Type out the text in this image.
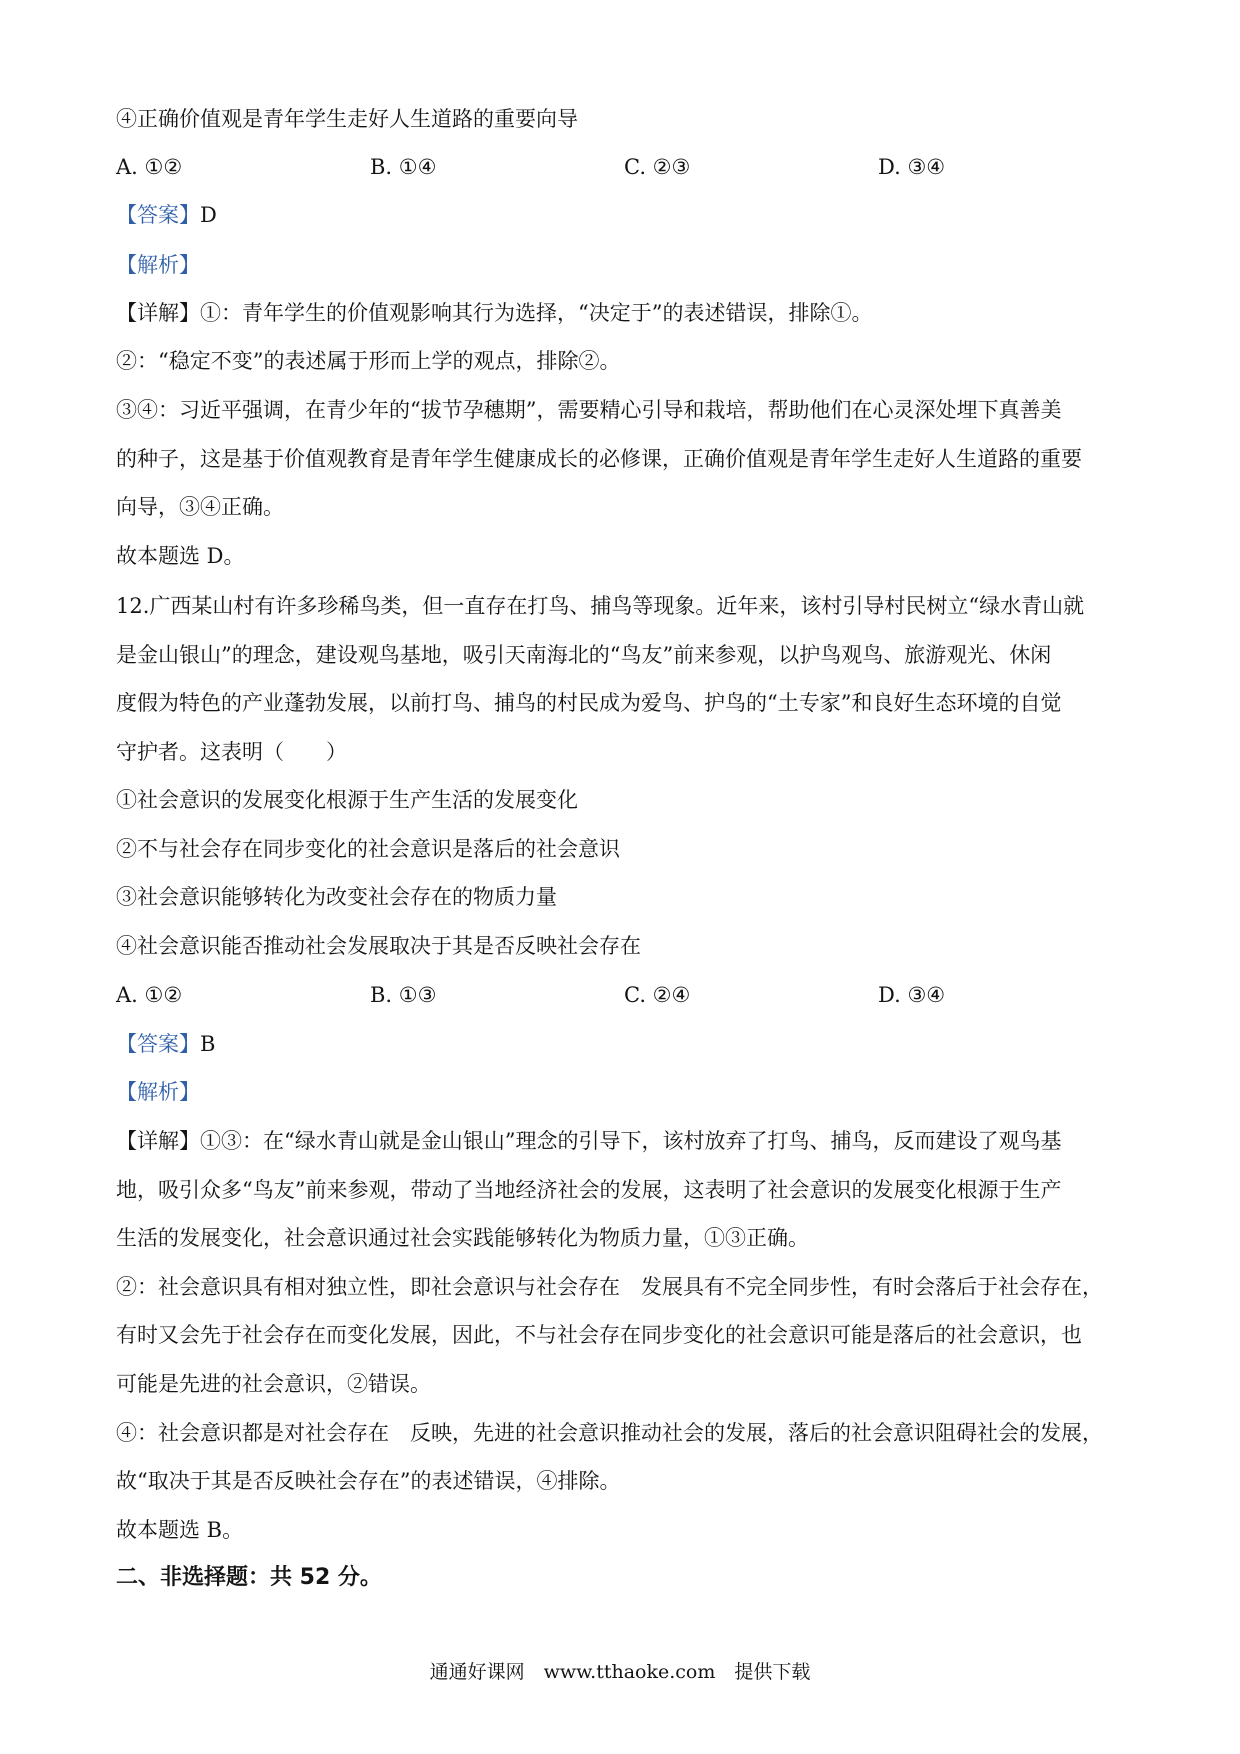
④正确价值观是青年学生走好人生道路的重要向导
A. ①②	B. ①④	C. ②③	D. ③④
【答案】D
【解析】
【详解】①：青年学生的价值观影响其行为选择，“决定于”的表述错误，排除①。
②：“稳定不变”的表述属于形而上学的观点，排除②。
③④：习近平强调，在青少年的“拔节孕穗期”，需要精心引导和栽培，帮助他们在心灵深处埋下真善美
的种子，这是基于价值观教育是青年学生健康成长的必修课，正确价值观是青年学生走好人生道路的重要
向导，③④正确。
故本题选 D。
12.广西某山村有许多珍稀鸟类，但一直存在打鸟、捕鸟等现象。近年来，该村引导村民树立“绿水青山就
是金山银山”的理念，建设观鸟基地，吸引天南海北的“鸟友”前来参观，以护鸟观鸟、旅游观光、休闲
度假为特色的产业蓬勃发展，以前打鸟、捕鸟的村民成为爱鸟、护鸟的“土专家”和良好生态环境的自觉
守护者。这表明（　　）
①社会意识的发展变化根源于生产生活的发展变化
②不与社会存在同步变化的社会意识是落后的社会意识
③社会意识能够转化为改变社会存在的物质力量
④社会意识能否推动社会发展取决于其是否反映社会存在
A. ①②	B. ①③	C. ②④	D. ③④
【答案】B
【解析】
【详解】①③：在“绿水青山就是金山银山”理念的引导下，该村放弃了打鸟、捕鸟，反而建设了观鸟基
地，吸引众多“鸟友”前来参观，带动了当地经济社会的发展，这表明了社会意识的发展变化根源于生产
生活的发展变化，社会意识通过社会实践能够转化为物质力量，①③正确。
②：社会意识具有相对独立性，即社会意识与社会存在　发展具有不完全同步性，有时会落后于社会存在，
有时又会先于社会存在而变化发展，因此，不与社会存在同步变化的社会意识可能是落后的社会意识，也
可能是先进的社会意识，②错误。
④：社会意识都是对社会存在　反映，先进的社会意识推动社会的发展，落后的社会意识阻碍社会的发展，
故“取决于其是否反映社会存在”的表述错误，④排除。
故本题选 B。
二、非选择题：共 52 分。
通通好课网　www.tthaoke.com　提供下载
